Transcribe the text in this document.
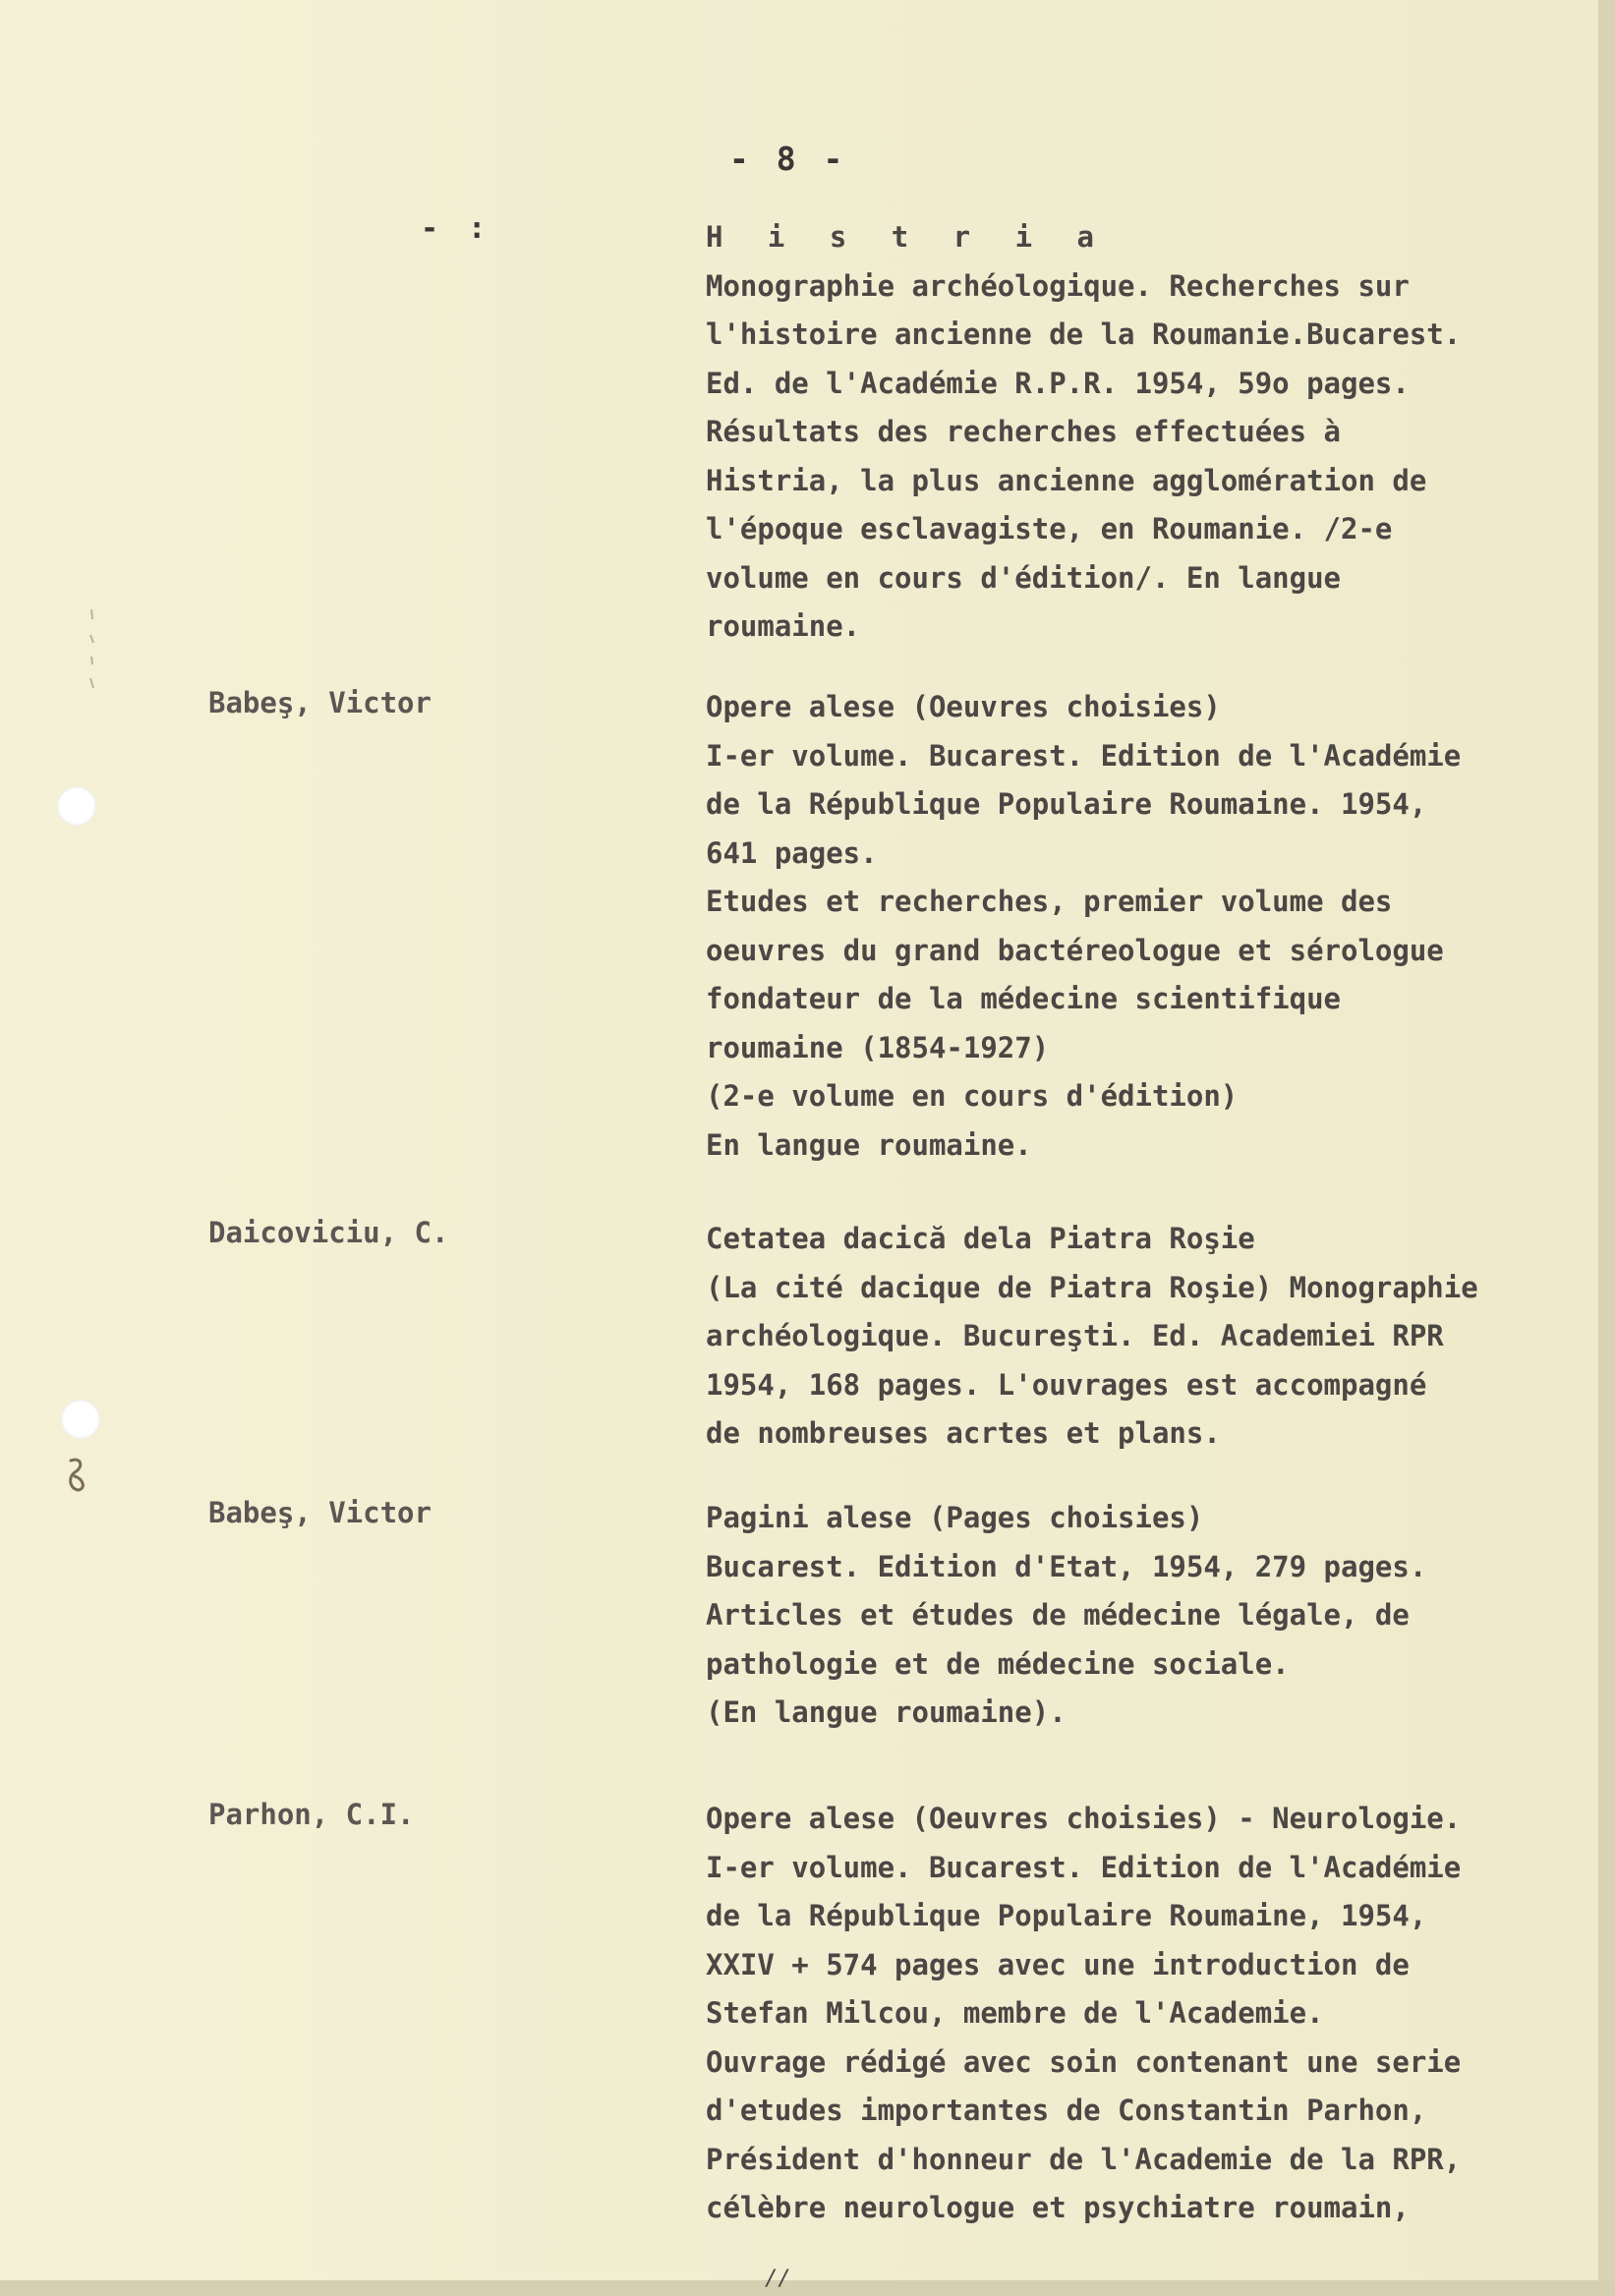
- 8 -
- :	H i s t r i a
Monographie archéologique. Recherches sur
l'histoire ancienne de la Roumanie.Bucarest.
Ed. de l'Académie R.P.R. 1954, 59o pages.
Résultats des recherches effectuées à
Histria, la plus ancienne agglomération de
l'époque esclavagiste, en Roumanie. /2-e
volume en cours d'édition/. En langue
roumaine.
Babeş, Victor	Opere alese (Oeuvres choisies)
I-er volume. Bucarest. Edition de l'Académie
de la République Populaire Roumaine. 1954,
641 pages.
Etudes et recherches, premier volume des
oeuvres du grand bactéreologue et sérologue
fondateur de la médecine scientifique
roumaine (1854-1927)
(2-e volume en cours d'édition)
En langue roumaine.
Daicoviciu, C.	Cetatea dacică dela Piatra Roşie
(La cité dacique de Piatra Roşie) Monographie
archéologique. Bucureşti. Ed. Academiei RPR
1954, 168 pages. L'ouvrages est accompagné
de nombreuses acrtes et plans.
Babeş, Victor	Pagini alese (Pages choisies)
Bucarest. Edition d'Etat, 1954, 279 pages.
Articles et études de médecine légale, de
pathologie et de médecine sociale.
(En langue roumaine).
Parhon, C.I.	Opere alese (Oeuvres choisies) - Neurologie.
I-er volume. Bucarest. Edition de l'Académie
de la République Populaire Roumaine, 1954,
XXIV + 574 pages avec une introduction de
Stefan Milcou, membre de l'Academie.
Ouvrage rédigé avec soin contenant une serie
d'etudes importantes de Constantin Parhon,
Président d'honneur de l'Academie de la RPR,
célèbre neurologue et psychiatre roumain,
//
